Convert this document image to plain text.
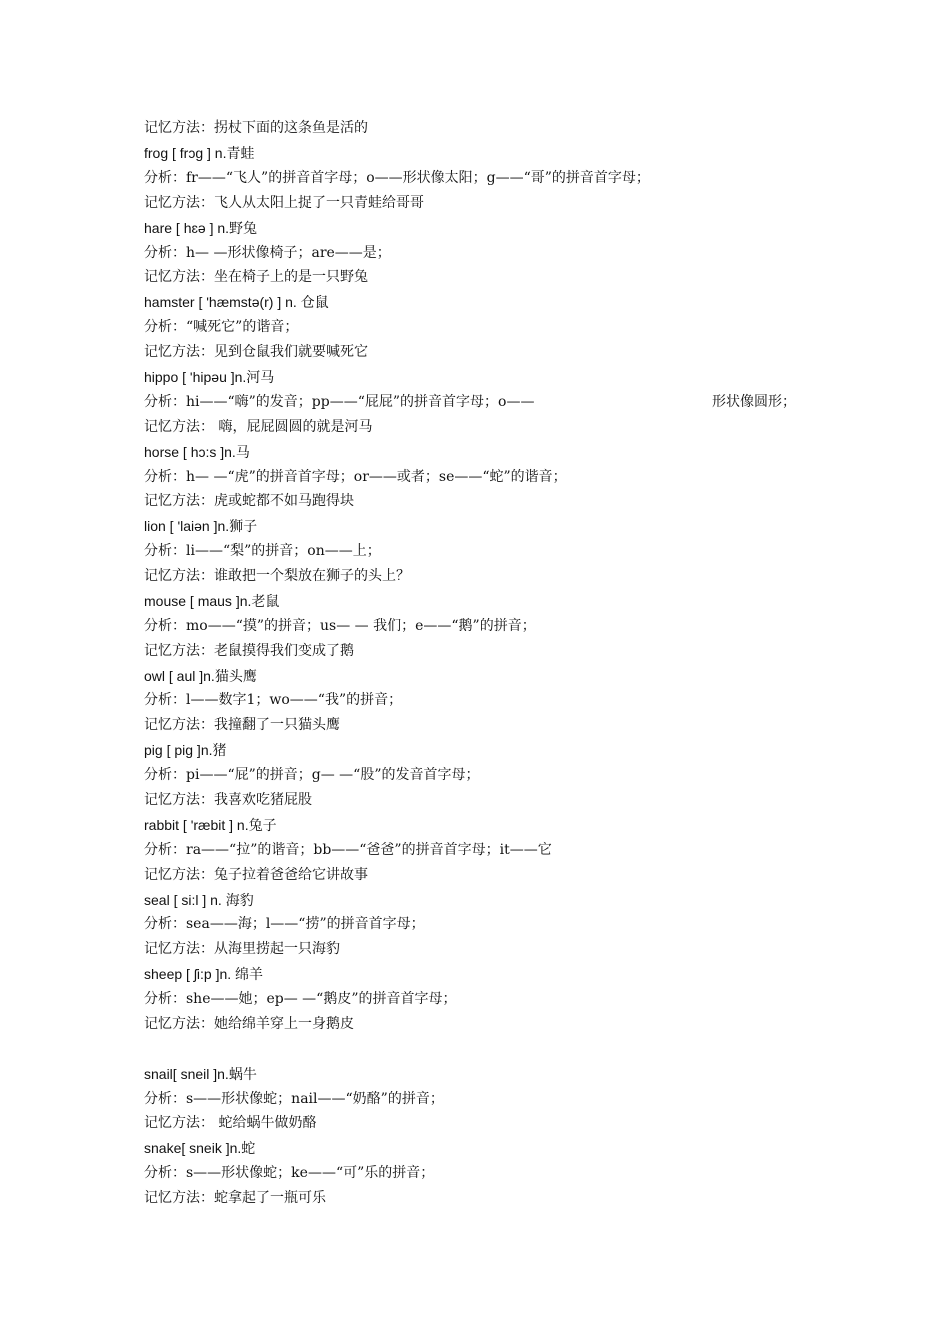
记忆方法：拐杖下面的这条鱼是活的
frog [ frɔg ] n.青蛙
分析：fr——“飞人”的拼音首字母；o——形状像太阳；g——“哥”的拼音首字母；
记忆方法：飞人从太阳上捉了一只青蛙给哥哥
hare [ hɛə ] n.野兔
分析：h— —形状像椅子；are——是；
记忆方法：坐在椅子上的是一只野兔
hamster [ 'hæmstə(r) ] n. 仓鼠
分析：“喊死它”的谐音；
记忆方法：见到仓鼠我们就要喊死它
hippo [ 'hipəu ]n.河马
分析：hi——“嗨”的发音；pp——“屁屁”的拼音首字母；o——	形状像圆形；
记忆方法： 嗨，屁屁圆圆的就是河马
horse [ hɔ:s ]n.马
分析：h— —“虎”的拼音首字母；or——或者；se——“蛇”的谐音；
记忆方法：虎或蛇都不如马跑得块
lion [ 'laiən ]n.狮子
分析：li——“梨”的拼音；on——上；
记忆方法：谁敢把一个梨放在狮子的头上？
mouse [ maus ]n.老鼠
分析：mo——“摸”的拼音；us— — 我们；e——“鹅”的拼音；
记忆方法：老鼠摸得我们变成了鹅
owl [ aul ]n.猫头鹰
分析：l——数字1；wo——“我”的拼音；
记忆方法：我撞翻了一只猫头鹰
pig [ pig ]n.猪
分析：pi——“屁”的拼音；g— —“股”的发音首字母；
记忆方法：我喜欢吃猪屁股
rabbit [ 'ræbit ] n.兔子
分析：ra——“拉”的谐音；bb——“爸爸”的拼音首字母；it——它
记忆方法：兔子拉着爸爸给它讲故事
seal [ si:l ] n. 海豹
分析：sea——海；l——“捞”的拼音首字母；
记忆方法：从海里捞起一只海豹
sheep [ ʃi:p ]n. 绵羊
分析：she——她；ep— —“鹅皮”的拼音首字母；
记忆方法：她给绵羊穿上一身鹅皮
snail[ sneil ]n.蜗牛
分析：s——形状像蛇；nail——“奶酪”的拼音；
记忆方法： 蛇给蜗牛做奶酪
snake[ sneik ]n.蛇
分析：s——形状像蛇；ke——“可”乐的拼音；
记忆方法：蛇拿起了一瓶可乐
